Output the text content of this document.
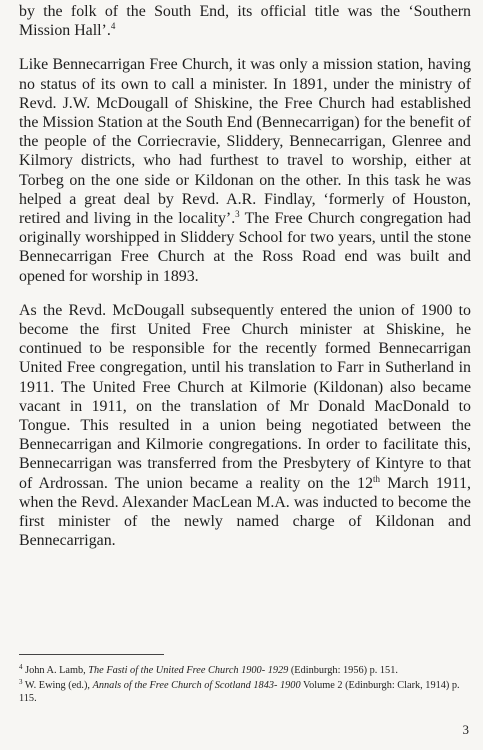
by the folk of the South End, its official title was the ‘Southern Mission Hall’.$^4$

Like Bennecarrigan Free Church, it was only a mission station, having no status of its own to call a minister. In 1891, under the ministry of Revd. J.W. McDougall of Shiskine, the Free Church had established the Mission Station at the South End (Bennecarrigan) for the benefit of the people of the Corriecravie, Sliddery, Bennecarrigan, Glenree and Kilmory districts, who had furthest to travel to worship, either at Torbeg on the one side or Kildonan on the other. In this task he was helped a great deal by Revd. A.R. Findlay, ‘formerly of Houston, retired and living in the locality’.$^3$ The Free Church congregation had originally worshipped in Sliddery School for two years, until the stone Bennecarrigan Free Church at the Ross Road end was built and opened for worship in 1893.

As the Revd. McDougall subsequently entered the union of 1900 to become the first United Free Church minister at Shiskine, he continued to be responsible for the recently formed Bennecarrigan United Free congregation, until his translation to Farr in Sutherland in 1911. The United Free Church at Kilmorie (Kildonan) also became vacant in 1911, on the translation of Mr Donald MacDonald to Tongue. This resulted in a union being negotiated between the Bennecarrigan and Kilmorie congregations. In order to facilitate this, Bennecarrigan was transferred from the Presbytery of Kintyre to that of Ardrossan. The union became a reality on the 12th March 1911, when the Revd. Alexander MacLean M.A. was inducted to become the first minister of the newly named charge of Kildonan and Bennecarrigan.

$^4$ John A. Lamb, The Fasti of the United Free Church 1900- 1929 (Edinburgh: 1956) p. 151.

$^3$ W. Ewing (ed.), Annals of the Free Church of Scotland 1843- 1900 Volume 2 (Edinburgh: Clark, 1914) p. 115.

3
